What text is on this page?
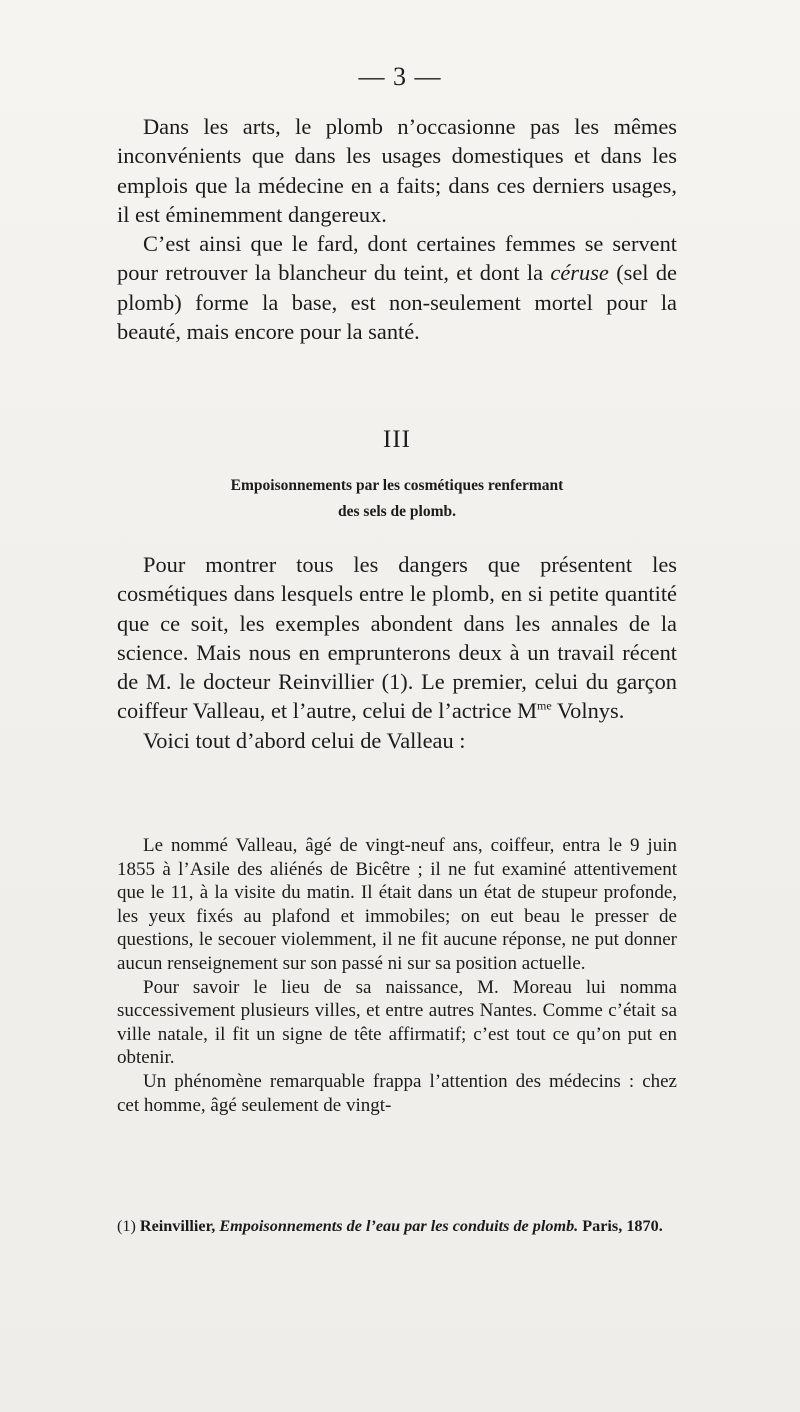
— 3 —

Dans les arts, le plomb n’occasionne pas les mêmes inconvénients que dans les usages domestiques et dans les emplois que la médecine en a faits; dans ces derniers usages, il est éminemment dangereux.

C’est ainsi que le fard, dont certaines femmes se servent pour retrouver la blancheur du teint, et dont la céruse (sel de plomb) forme la base, est non-seulement mortel pour la beauté, mais encore pour la santé.

III
Empoisonnements par les cosmétiques renfermant
des sels de plomb.

Pour montrer tous les dangers que présentent les cosmétiques dans lesquels entre le plomb, en si petite quantité que ce soit, les exemples abondent dans les annales de la science. Mais nous en emprunterons deux à un travail récent de M. le docteur Reinvillier (1). Le premier, celui du garçon coiffeur Valleau, et l’autre, celui de l’actrice $M^{me}$ Volnys.

Voici tout d’abord celui de Valleau :

Le nommé Valleau, âgé de vingt-neuf ans, coiffeur, entra le 9 juin 1855 à l’Asile des aliénés de Bicêtre ; il ne fut examiné attentivement que le 11, à la visite du matin. Il était dans un état de stupeur profonde, les yeux fixés au plafond et immobiles; on eut beau le presser de questions, le secouer violemment, il ne fit aucune réponse, ne put donner aucun renseignement sur son passé ni sur sa position actuelle.

Pour savoir le lieu de sa naissance, M. Moreau lui nomma successivement plusieurs villes, et entre autres Nantes. Comme c’était sa ville natale, il fit un signe de tête affirmatif; c’est tout ce qu’on put en obtenir.

Un phénomène remarquable frappa l’attention des médecins : chez cet homme, âgé seulement de vingt-

(1) Reinvillier, Empoisonnements de l’eau par les conduits de plomb. Paris, 1870.
